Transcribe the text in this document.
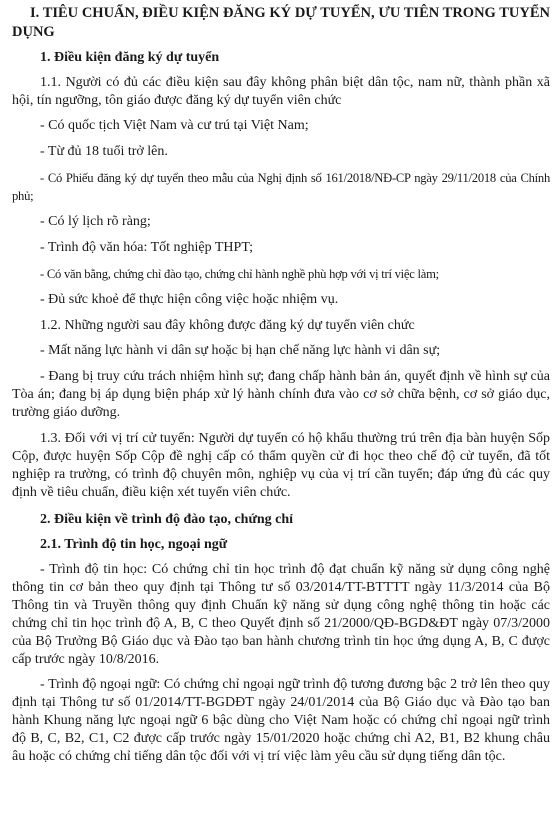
I. TIÊU CHUẨN, ĐIỀU KIỆN ĐĂNG KÝ DỰ TUYỂN, ƯU TIÊN TRONG TUYỂN DỤNG

1. Điều kiện đăng ký dự tuyển

1.1. Người có đủ các điều kiện sau đây không phân biệt dân tộc, nam nữ, thành phần xã hội, tín ngưỡng, tôn giáo được đăng ký dự tuyển viên chức

- Có quốc tịch Việt Nam và cư trú tại Việt Nam;

- Từ đủ 18 tuổi trở lên.

- Có Phiếu đăng ký dự tuyển theo mẫu của Nghị định số 161/2018/NĐ-CP ngày 29/11/2018 của Chính phủ;

- Có lý lịch rõ ràng;

- Trình độ văn hóa: Tốt nghiệp THPT;

- Có văn bằng, chứng chỉ đào tạo, chứng chỉ hành nghề phù hợp với vị trí việc làm;

- Đủ sức khoẻ để thực hiện công việc hoặc nhiệm vụ.

1.2. Những người sau đây không được đăng ký dự tuyển viên chức

- Mất năng lực hành vi dân sự hoặc bị hạn chế năng lực hành vi dân sự;

- Đang bị truy cứu trách nhiệm hình sự; đang chấp hành bản án, quyết định về hình sự của Tòa án; đang bị áp dụng biện pháp xử lý hành chính đưa vào cơ sở chữa bệnh, cơ sở giáo dục, trường giáo dưỡng.

1.3. Đối với vị trí cử tuyển: Người dự tuyển có hộ khẩu thường trú trên địa bàn huyện Sốp Cộp, được huyện Sốp Cộp đề nghị cấp có thẩm quyền cử đi học theo chế độ cử tuyển, đã tốt nghiệp ra trường, có trình độ chuyên môn, nghiệp vụ của vị trí cần tuyển; đáp ứng đủ các quy định về tiêu chuẩn, điều kiện xét tuyển viên chức.

2. Điều kiện về trình độ đào tạo, chứng chỉ

2.1. Trình độ tin học, ngoại ngữ

- Trình độ tin học: Có chứng chỉ tin học trình độ đạt chuẩn kỹ năng sử dụng công nghệ thông tin cơ bản theo quy định tại Thông tư số 03/2014/TT-BTTTT ngày 11/3/2014 của Bộ Thông tin và Truyền thông quy định Chuẩn kỹ năng sử dụng công nghệ thông tin hoặc các chứng chỉ tin học trình độ A, B, C theo Quyết định số 21/2000/QĐ-BGD&ĐT ngày 07/3/2000 của Bộ Trưởng Bộ Giáo dục và Đào tạo ban hành chương trình tin học ứng dụng A, B, C được cấp trước ngày 10/8/2016.

- Trình độ ngoại ngữ: Có chứng chỉ ngoại ngữ trình độ tương đương bậc 2 trở lên theo quy định tại Thông tư số 01/2014/TT-BGDĐT ngày 24/01/2014 của Bộ Giáo dục và Đào tạo ban hành Khung năng lực ngoại ngữ 6 bậc dùng cho Việt Nam hoặc có chứng chỉ ngoại ngữ trình độ B, C, B2, C1, C2 được cấp trước ngày 15/01/2020 hoặc chứng chỉ A2, B1, B2 khung châu âu hoặc có chứng chỉ tiếng dân tộc đối với vị trí việc làm yêu cầu sử dụng tiếng dân tộc.
